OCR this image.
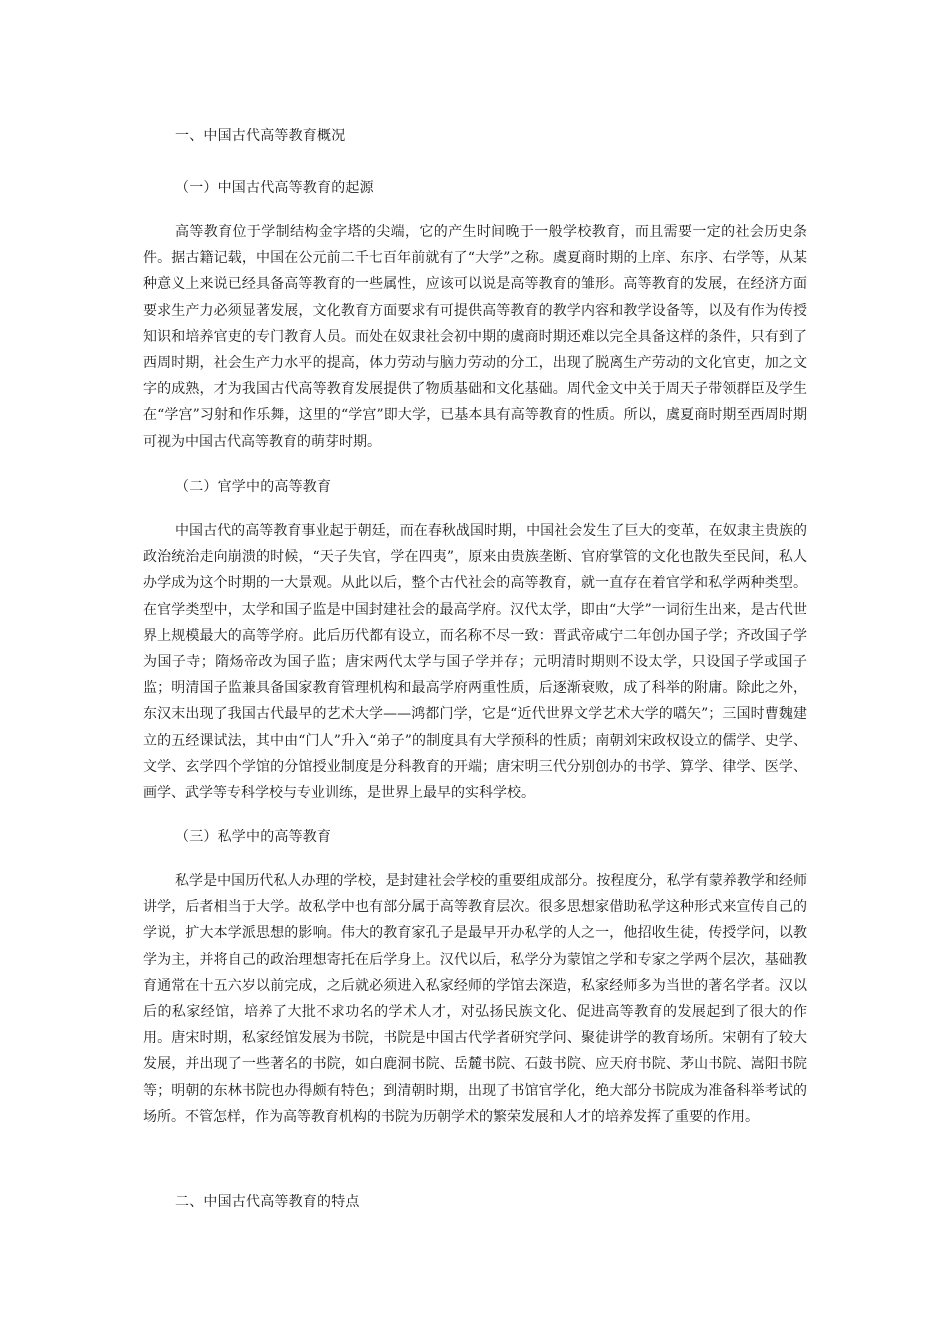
一、中国古代高等教育概况
（一）中国古代高等教育的起源

高等教育位于学制结构金字塔的尖端，它的产生时间晚于一般学校教育，而且需要一定的社会历史条件。据古籍记载，中国在公元前二千七百年前就有了“大学”之称。虞夏商时期的上庠、东序、右学等，从某种意义上来说已经具备高等教育的一些属性，应该可以说是高等教育的雏形。高等教育的发展，在经济方面要求生产力必须显著发展，文化教育方面要求有可提供高等教育的教学内容和教学设备等，以及有作为传授知识和培养官吏的专门教育人员。而处在奴隶社会初中期的虞商时期还难以完全具备这样的条件，只有到了西周时期，社会生产力水平的提高，体力劳动与脑力劳动的分工，出现了脱离生产劳动的文化官吏，加之文字的成熟，才为我国古代高等教育发展提供了物质基础和文化基础。周代金文中关于周天子带领群臣及学生在“学宫”习射和作乐舞，这里的“学宫”即大学，已基本具有高等教育的性质。所以，虞夏商时期至西周时期可视为中国古代高等教育的萌芽时期。

（二）官学中的高等教育

中国古代的高等教育事业起于朝廷，而在春秋战国时期，中国社会发生了巨大的变革，在奴隶主贵族的政治统治走向崩溃的时候，“天子失官，学在四夷”，原来由贵族垄断、官府掌管的文化也散失至民间，私人办学成为这个时期的一大景观。从此以后，整个古代社会的高等教育，就一直存在着官学和私学两种类型。在官学类型中，太学和国子监是中国封建社会的最高学府。汉代太学，即由“大学”一词衍生出来，是古代世界上规模最大的高等学府。此后历代都有设立，而名称不尽一致：晋武帝咸宁二年创办国子学；齐改国子学为国子寺；隋炀帝改为国子监；唐宋两代太学与国子学并存；元明清时期则不设太学，只设国子学或国子监；明清国子监兼具备国家教育管理机构和最高学府两重性质，后逐渐衰败，成了科举的附庸。除此之外，东汉末出现了我国古代最早的艺术大学——鸿都门学，它是“近代世界文学艺术大学的嚆矢”；三国时曹魏建立的五经课试法，其中由“门人”升入“弟子”的制度具有大学预科的性质；南朝刘宋政权设立的儒学、史学、文学、玄学四个学馆的分馆授业制度是分科教育的开端；唐宋明三代分别创办的书学、算学、律学、医学、画学、武学等专科学校与专业训练，是世界上最早的实科学校。

（三）私学中的高等教育

私学是中国历代私人办理的学校，是封建社会学校的重要组成部分。按程度分，私学有蒙养教学和经师讲学，后者相当于大学。故私学中也有部分属于高等教育层次。很多思想家借助私学这种形式来宣传自己的学说，扩大本学派思想的影响。伟大的教育家孔子是最早开办私学的人之一，他招收生徒，传授学问，以教学为主，并将自己的政治理想寄托在后学身上。汉代以后，私学分为蒙馆之学和专家之学两个层次，基础教育通常在十五六岁以前完成，之后就必须进入私家经师的学馆去深造，私家经师多为当世的著名学者。汉以后的私家经馆，培养了大批不求功名的学术人才，对弘扬民族文化、促进高等教育的发展起到了很大的作用。唐宋时期，私家经馆发展为书院，书院是中国古代学者研究学问、聚徒讲学的教育场所。宋朝有了较大发展，并出现了一些著名的书院，如白鹿洞书院、岳麓书院、石鼓书院、应天府书院、茅山书院、嵩阳书院等；明朝的东林书院也办得颇有特色；到清朝时期，出现了书馆官学化，绝大部分书院成为准备科举考试的场所。不管怎样，作为高等教育机构的书院为历朝学术的繁荣发展和人才的培养发挥了重要的作用。

二、中国古代高等教育的特点
